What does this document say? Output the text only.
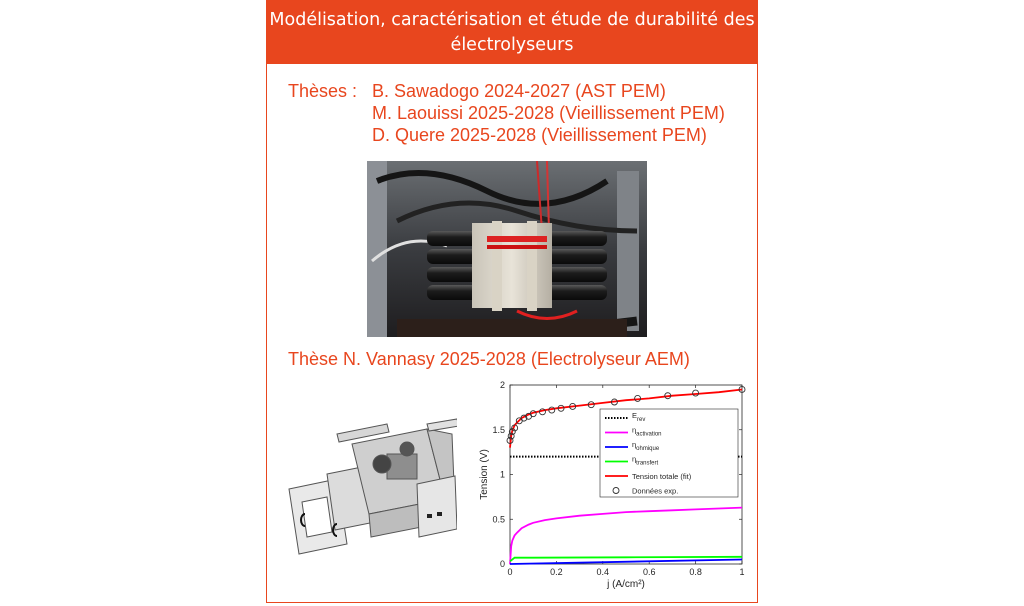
Modélisation, caractérisation et étude de durabilité des
électrolyseurs
Thèses : B. Sawadogo 2024-2027 (AST PEM)
M. Laouissi 2025-2028 (Vieillissement PEM)
D. Quere 2025-2028 (Vieillissement PEM)
Thèse N. Vannasy 2025-2028 (Electrolyseur AEM)
0	0.2	0.4	0.6	0.8	1
0
0.5
1
1.5
2
j (A/cm²)
Tension (V)
$E_{rev}$
$\eta_{activation}$
$\eta_{ohmique}$
$\eta_{transfert}$
Tension totale (fit)
Données exp.
